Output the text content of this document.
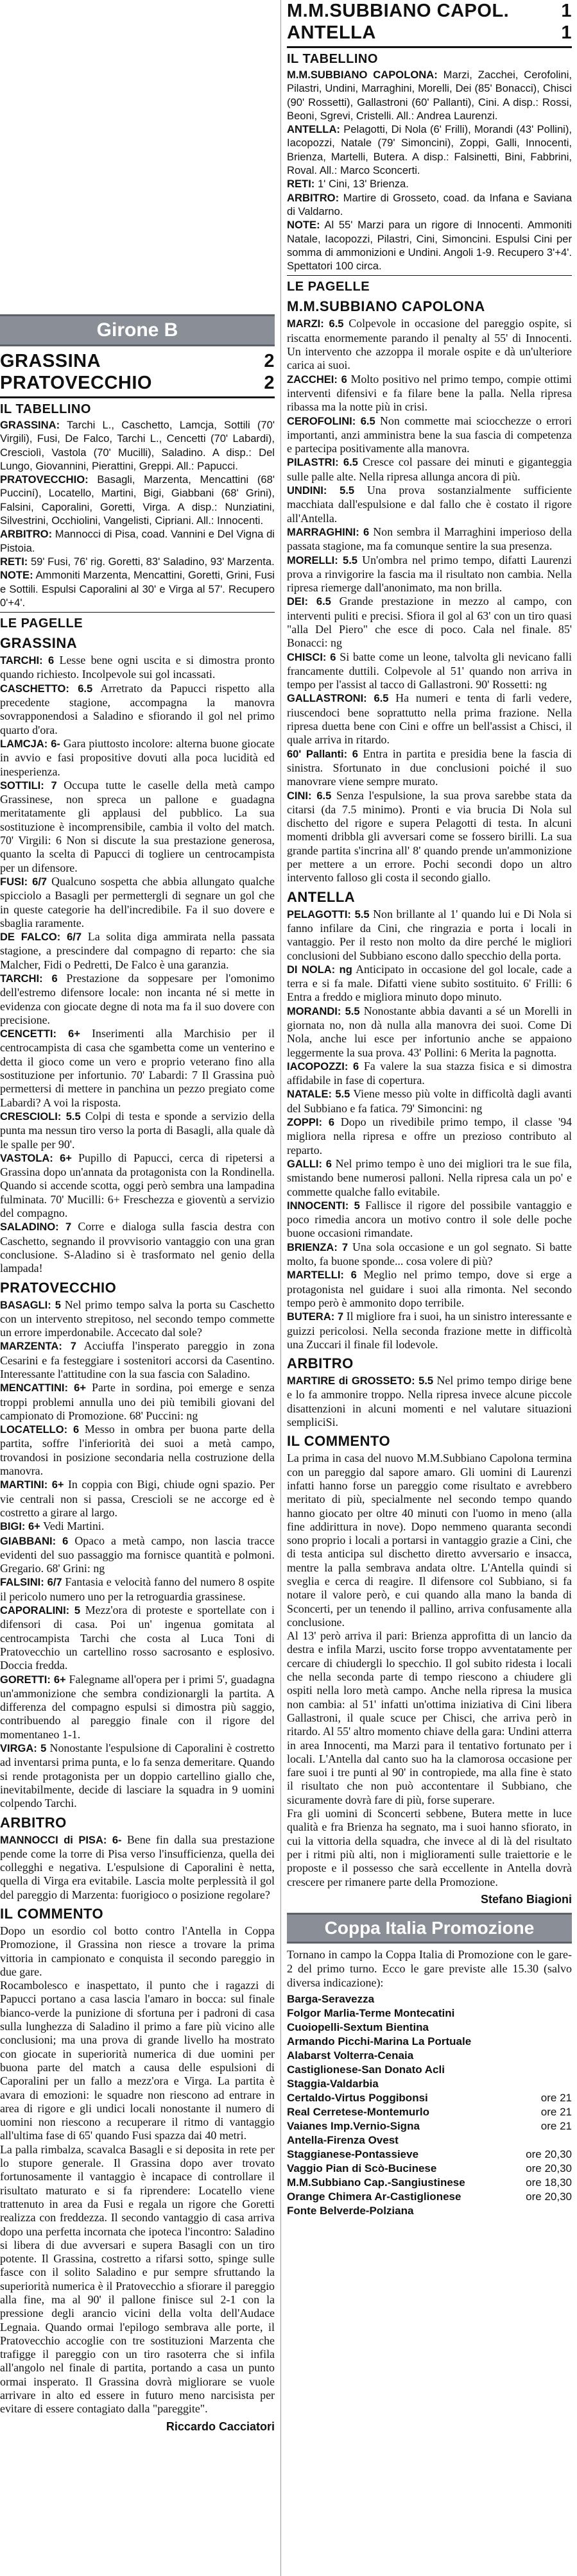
Girone B
GRASSINA	2
PRATOVECCHIO	2
IL TABELLINO

GRASSINA: Tarchi L., Caschetto, Lamcja, Sottili (70' Virgili), Fusi, De Falco, Tarchi L., Cencetti (70' Labardi), Cresciolì, Vastola (70' Mucilli), Saladino. A disp.: Del Lungo, Giovannini, Pierattini, Greppi. All.: Papucci.

PRATOVECCHIO: Basagli, Marzenta, Mencattini (68' Pucciní), Locatello, Martini, Bigi, Giabbani (68' Grini), Falsini, Caporalini, Goretti, Virga. A disp.: Nunziatini, Silvestrini, Occhiolini, Vangelisti, Cipriani. All.: Innocenti.

ARBITRO: Mannocci di Pisa, coad. Vannini e Del Vigna di Pistoia.

RETI: 59' Fusi, 76' rig. Goretti, 83' Saladino, 93' Marzenta.

NOTE: Ammoniti Marzenta, Mencattini, Goretti, Grini, Fusi e Sottili. Espulsi Caporalini al 30' e Virga al 57'. Recupero 0'+4'.

LE PAGELLE
GRASSINA

TARCHI: 6 Lesse bene ogni uscita e si dimostra pronto quando richiesto. Incolpevole sui gol incassati.

CASCHETTO: 6.5 Arretrato da Papucci rispetto alla precedente stagione, accompagna la manovra sovrapponendosi a Saladino e sfiorando il gol nel primo quarto d'ora.

LAMCJA: 6- Gara piuttosto incolore: alterna buone giocate in avvio e fasi propositive dovuti alla poca lucidità ed inesperienza.

SOTTILI: 7 Occupa tutte le caselle della metà campo Grassinese, non spreca un pallone e guadagna meritatamente gli applausi del pubblico. La sua sostituzione è incomprensibile, cambia il volto del match. 70' Virgili: 6 Non si discute la sua prestazione generosa, quanto la scelta di Papucci di togliere un centrocampista per un difensore.

FUSI: 6/7 Qualcuno sospetta che abbia allungato qualche spicciolo a Basagli per permettergli di segnare un gol che in queste categorie ha dell'incredibile. Fa il suo dovere e sbaglia raramente.

DE FALCO: 6/7 La solita diga ammirata nella passata stagione, a prescindere dal compagno di reparto: che sia Malcher, Fidi o Pedretti, De Falco è una garanzia.

TARCHI: 6 Prestazione da soppesare per l'omonimo dell'estremo difensore locale: non incanta né si mette in evidenza con giocate degne di nota ma fa il suo dovere con precisione.

CENCETTI: 6+ Inserimenti alla Marchisio per il centrocampista di casa che sgambetta come un venterino e detta il gioco come un vero e proprio veterano fino alla sostituzione per infortunio. 70' Labardi: 7 Il Grassina può permettersi di mettere in panchina un pezzo pregiato come Labardi? A voi la risposta.

CRESCIOLI: 5.5 Colpi di testa e sponde a servizio della punta ma nessun tiro verso la porta di Basagli, alla quale dà le spalle per 90'.

VASTOLA: 6+ Pupillo di Papucci, cerca di ripetersi a Grassina dopo un'annata da protagonista con la Rondinella. Quando si accende scotta, oggi però sembra una lampadina fulminata. 70' Mucilli: 6+ Freschezza e gioventù a servizio del compagno.

SALADINO: 7 Corre e dialoga sulla fascia destra con Caschetto, segnando il provvisorio vantaggio con una gran conclusione. S-Aladino si è trasformato nel genio della lampada!

PRATOVECCHIO

BASAGLI: 5 Nel primo tempo salva la porta su Caschetto con un intervento strepitoso, nel secondo tempo commette un errore imperdonabile. Accecato dal sole?

MARZENTA: 7 Acciuffa l'insperato pareggio in zona Cesarini e fa festeggiare i sostenitori accorsi da Casentino. Interessante l'attitudine con la sua fascia con Saladino.

MENCATTINI: 6+ Parte in sordina, poi emerge e senza troppi problemi annulla uno dei più temibili giovani del campionato di Promozione. 68' Puccini: ng

LOCATELLO: 6 Messo in ombra per buona parte della partita, soffre l'inferiorità dei suoi a metà campo, trovandosi in posizione secondaria nella costruzione della manovra.

MARTINI: 6+ In coppia con Bigi, chiude ogni spazio. Per vie centrali non si passa, Crescioli se ne accorge ed è costretto a girare al largo.

BIGI: 6+ Vedi Martini.

GIABBANI: 6 Opaco a metà campo, non lascia tracce evidenti del suo passaggio ma fornisce quantità e polmoni. Gregario. 68' Grini: ng

FALSINI: 6/7 Fantasia e velocità fanno del numero 8 ospite il pericolo numero uno per la retroguardia grassinese.

CAPORALINI: 5 Mezz'ora di proteste e sportellate con i difensori di casa. Poi un' ingenua gomitata al centrocampista Tarchi che costa al Luca Toni di Pratovecchio un cartellino rosso sacrosanto e esplosivo. Doccia fredda.

GORETTI: 6+ Falegname all'opera per i primi 5', guadagna un'ammonizione che sembra condizionargli la partita. A differenza del compagno espulsi si dimostra più saggio, contribuendo al pareggio finale con il rigore del momentaneo 1-1.

VIRGA: 5 Nonostante l'espulsione di Caporalini è costretto ad inventarsi prima punta, e lo fa senza demeritare. Quando si rende protagonista per un doppio cartellino giallo che, inevitabilmente, decide di lasciare la squadra in 9 uomini colpendo Tarchi.

ARBITRO

MANNOCCI di PISA: 6- Bene fin dalla sua prestazione pende come la torre di Pisa verso l'insufficienza, quella dei collegghi e negativa. L'espulsione di Caporalini è netta, quella di Virga era evitabile. Lascia molte perplessità il gol del pareggio di Marzenta: fuorigioco o posizione regolare?

IL COMMENTO

Dopo un esordio col botto contro l'Antella in Coppa Promozione, il Grassina non riesce a trovare la prima vittoria in campionato e conquista il secondo pareggio in due gare.

Rocambolesco e inaspettato, il punto che i ragazzi di Papucci portano a casa lascia l'amaro in bocca: sul finale bianco-verde la punizione di sfortuna per i padroni di casa sulla lunghezza di Saladino il primo a fare più vicino alle conclusioni; ma una prova di grande livello ha mostrato con giocate in superiorità numerica di due uomini per buona parte del match a causa delle espulsioni di Caporalini per un fallo a mezz'ora e Virga. La partita è avara di emozioni: le squadre non riescono ad entrare in area di rigore e gli undici locali nonostante il numero di uomini non riescono a recuperare il ritmo di vantaggio all'ultima fase di 65' quando Fusi spazza dai 40 metri.

La palla rimbalza, scavalca Basagli e si deposita in rete per lo stupore generale. Il Grassina dopo aver trovato fortunosamente il vantaggio è incapace di controllare il risultato maturato e si fa riprendere: Locatello viene trattenuto in area da Fusi e regala un rigore che Goretti realizza con freddezza. Il secondo vantaggio di casa arriva dopo una perfetta incornata che ipoteca l'incontro: Saladino si libera di due avversari e supera Basagli con un tiro potente. Il Grassina, costretto a rifarsi sotto, spinge sulle fasce con il solito Saladino e pur sempre sfruttando la superiorità numerica è il Pratovecchio a sfiorare il pareggio alla fine, ma al 90' il pallone finisce sul 2-1 con la pressione degli arancio vicini della volta dell'Audace Legnaia. Quando ormai l'epilogo sembrava alle porte, il Pratovecchio accoglie con tre sostituzioni Marzenta che trafigge il pareggio con un tiro rasoterra che si infila all'angolo nel finale di partita, portando a casa un punto ormai insperato. Il Grassina dovrà migliorare se vuole arrivare in alto ed essere in futuro meno narcisista per evitare di essere contagiato dalla "pareggite".

Riccardo Cacciatori
M.M.SUBBIANO CAPOL.	1
ANTELLA	1
IL TABELLINO

M.M.SUBBIANO CAPOLONA: Marzi, Zacchei, Cerofolini, Pilastri, Undini, Marraghini, Morelli, Dei (85' Bonacci), Chisci (90' Rossetti), Gallastroni (60' Pallanti), Cini. A disp.: Rossi, Beoni, Sgrevi, Cristelli. All.: Andrea Laurenzi.

ANTELLA: Pelagotti, Di Nola (6' Frilli), Morandi (43' Pollini), Iacopozzi, Natale (79' Simoncini), Zoppi, Galli, Innocenti, Brienza, Martelli, Butera. A disp.: Falsinetti, Bini, Fabbrini, Roval. All.: Marco Sconcerti.

RETI: 1' Cini, 13' Brienza.

ARBITRO: Martire di Grosseto, coad. da Infana e Saviana di Valdarno.

NOTE: Al 55' Marzi para un rigore di Innocenti. Ammoniti Natale, Iacopozzi, Pilastri, Cini, Simoncini. Espulsi Cini per somma di ammonizioni e Undini. Angoli 1-9. Recupero 3'+4'. Spettatori 100 circa.

LE PAGELLE
M.M.SUBBIANO CAPOLONA

MARZI: 6.5 Colpevole in occasione del pareggio ospite, si riscatta enormemente parando il penalty al 55' di Innocenti. Un intervento che azzoppa il morale ospite e dà un'ulteriore carica ai suoi.

ZACCHEI: 6 Molto positivo nel primo tempo, compie ottimi interventi difensivi e fa filare bene la palla. Nella ripresa ribassa ma la notte più in crisi.

CEROFOLINI: 6.5 Non commette mai sciocchezze o errori importanti, anzi amministra bene la sua fascia di competenza e partecipa positivamente alla manovra.

PILASTRI: 6.5 Cresce col passare dei minuti e giganteggia sulle palle alte. Nella ripresa allunga ancora di più.

UNDINI: 5.5 Una prova sostanzialmente sufficiente macchiata dall'espulsione e dal fallo che è costato il rigore all'Antella.

MARRAGHINI: 6 Non sembra il Marraghini imperioso della passata stagione, ma fa comunque sentire la sua presenza.

MORELLI: 5.5 Un'ombra nel primo tempo, difatti Laurenzi prova a rinvigorire la fascia ma il risultato non cambia. Nella ripresa riemerge dall'anonimato, ma non brilla.

DEI: 6.5 Grande prestazione in mezzo al campo, con interventi puliti e precisi. Sfiora il gol al 63' con un tiro quasi "alla Del Piero" che esce di poco. Cala nel finale. 85' Bonacci: ng

CHISCI: 6 Si batte come un leone, talvolta gli nevicano falli francamente duttili. Colpevole al 51' quando non arriva in tempo per l'assist al tacco di Gallastroni. 90' Rossetti: ng

GALLASTRONI: 6.5 Ha numeri e tenta di farli vedere, riuscendoci bene soprattutto nella prima frazione. Nella ripresa duetta bene con Cini e offre un bell'assist a Chisci, il quale arriva in ritardo.

60' Pallanti: 6 Entra in partita e presidia bene la fascia di sinistra. Sfortunato in due conclusioni poiché il suo manovrare viene sempre murato.

CINI: 6.5 Senza l'espulsione, la sua prova sarebbe stata da citarsi (da 7.5 minimo). Pronti e via brucia Di Nola sul dischetto del rigore e supera Pelagotti di testa. In alcuni momenti dribbla gli avversari come se fossero birilli. La sua grande partita s'incrina all' 8' quando prende un'ammonizione per mettere a un errore. Pochi secondi dopo un altro intervento falloso gli costa il secondo giallo.

ANTELLA

PELAGOTTI: 5.5 Non brillante al 1' quando lui e Di Nola si fanno infilare da Cini, che ringrazia e porta i locali in vantaggio. Per il resto non molto da dire perché le migliori conclusioni del Subbiano escono dallo specchio della porta.

DI NOLA: ng Anticipato in occasione del gol locale, cade a terra e si fa male. Difatti viene subito sostituito. 6' Frilli: 6 Entra a freddo e migliora minuto dopo minuto.

MORANDI: 5.5 Nonostante abbia davanti a sé un Morelli in giornata no, non dà nulla alla manovra dei suoi. Come Di Nola, anche lui esce per infortunio anche se appaiono leggermente la sua prova. 43' Pollini: 6 Merita la pagnotta.

IACOPOZZI: 6 Fa valere la sua stazza fisica e si dimostra affidabile in fase di copertura.

NATALE: 5.5 Viene messo più volte in difficoltà dagli avanti del Subbiano e fa fatica. 79' Simoncini: ng

ZOPPI: 6 Dopo un rivedibile primo tempo, il classe '94 migliora nella ripresa e offre un prezioso contributo al reparto.

GALLI: 6 Nel primo tempo è uno dei migliori tra le sue fila, smistando bene numerosi palloni. Nella ripresa cala un po' e commette qualche fallo evitabile.

INNOCENTI: 5 Fallisce il rigore del possibile vantaggio e poco rimedia ancora un motivo contro il sole delle poche buone occasioni rimandate.

BRIENZA: 7 Una sola occasione e un gol segnato. Si batte molto, fa buone sponde... cosa volere di più?

MARTELLI: 6 Meglio nel primo tempo, dove si erge a protagonista nel guidare i suoi alla rimonta. Nel secondo tempo però è ammonito dopo terribile.

BUTERA: 7 Il migliore fra i suoi, ha un sinistro interessante e guizzi pericolosi. Nella seconda frazione mette in difficoltà una Zuccari il finale fil lodevole.

ARBITRO

MARTIRE di GROSSETO: 5.5 Nel primo tempo dirige bene e lo fa ammonire troppo. Nella ripresa invece alcune piccole disattenzioni in alcuni momenti e nel valutare situazioni sempliciSi.

IL COMMENTO

La prima in casa del nuovo M.M.Subbiano Capolona termina con un pareggio dal sapore amaro. Gli uomini di Laurenzi infatti hanno forse un pareggio come risultato e avrebbero meritato di più, specialmente nel secondo tempo quando hanno giocato per oltre 40 minuti con l'uomo in meno (alla fine addirittura in nove). Dopo nemmeno quaranta secondi sono proprio i locali a portarsi in vantaggio grazie a Cini, che di testa anticipa sul dischetto diretto avversario e insacca, mentre la palla sembrava andata oltre. L'Antella quindi si sveglia e cerca di reagire. Il difensore col Subbiano, si fa notare il valore però, e cui quando alla mano la banda di Sconcerti, per un tenendo il pallino, arriva confusamente alla conclusione.

Al 13' però arriva il pari: Brienza approfitta di un lancio da destra e infila Marzi, uscito forse troppo avventatamente per cercare di chiudergli lo specchio. Il gol subito ridesta i locali che nella seconda parte di tempo riescono a chiudere gli ospiti nella loro metà campo. Anche nella ripresa la musica non cambia: al 51' infatti un'ottima iniziativa di Cini libera Gallastroni, il quale scuce per Chisci, che arriva però in ritardo. Al 55' altro momento chiave della gara: Undini atterra in area Innocenti, ma Marzi para il tentativo fortunato per i locali. L'Antella dal canto suo ha la clamorosa occasione per fare suoi i tre punti al 90' in contropiede, ma alla fine è stato il risultato che non può accontentare il Subbiano, che sicuramente dovrà fare di più, forse superare.

Fra gli uomini di Sconcerti sebbene, Butera mette in luce qualità e fra Brienza ha segnato, ma i suoi hanno sfiorato, in cui la vittoria della squadra, che invece al di là del risultato per i ritmi più alti, non i miglioramenti sulle traiettorie e le proposte e il possesso che sarà eccellente in Antella dovrà crescere per rimanere parte della Promozione.

Stefano Biagioni
Coppa Italia Promozione

Tornano in campo la Coppa Italia di Promozione con le gare-2 del primo turno. Ecco le gare previste alle 15.30 (salvo diversa indicazione):

Barga-Seravezza
Folgor Marlia-Terme Montecatini
Cuoiopelli-Sextum Bientina
Armando Picchi-Marina La Portuale
Alabarst Volterra-Cenaia
Castiglionese-San Donato Acli
Staggia-Valdarbia
Certaldo-Virtus Poggibonsi	ore 21
Real Cerretese-Montemurlo	ore 21
Vaianes Imp.Vernio-Signa	ore 21
Antella-Firenza Ovest
Staggianese-Pontassieve	ore 20,30
Vaggio Pian di Scò-Bucinese	ore 20,30
M.M.Subbiano Cap.-Sangiustinese	ore 18,30
Orange Chimera Ar-Castiglionese	ore 20,30
Fonte Belverde-Polziana
